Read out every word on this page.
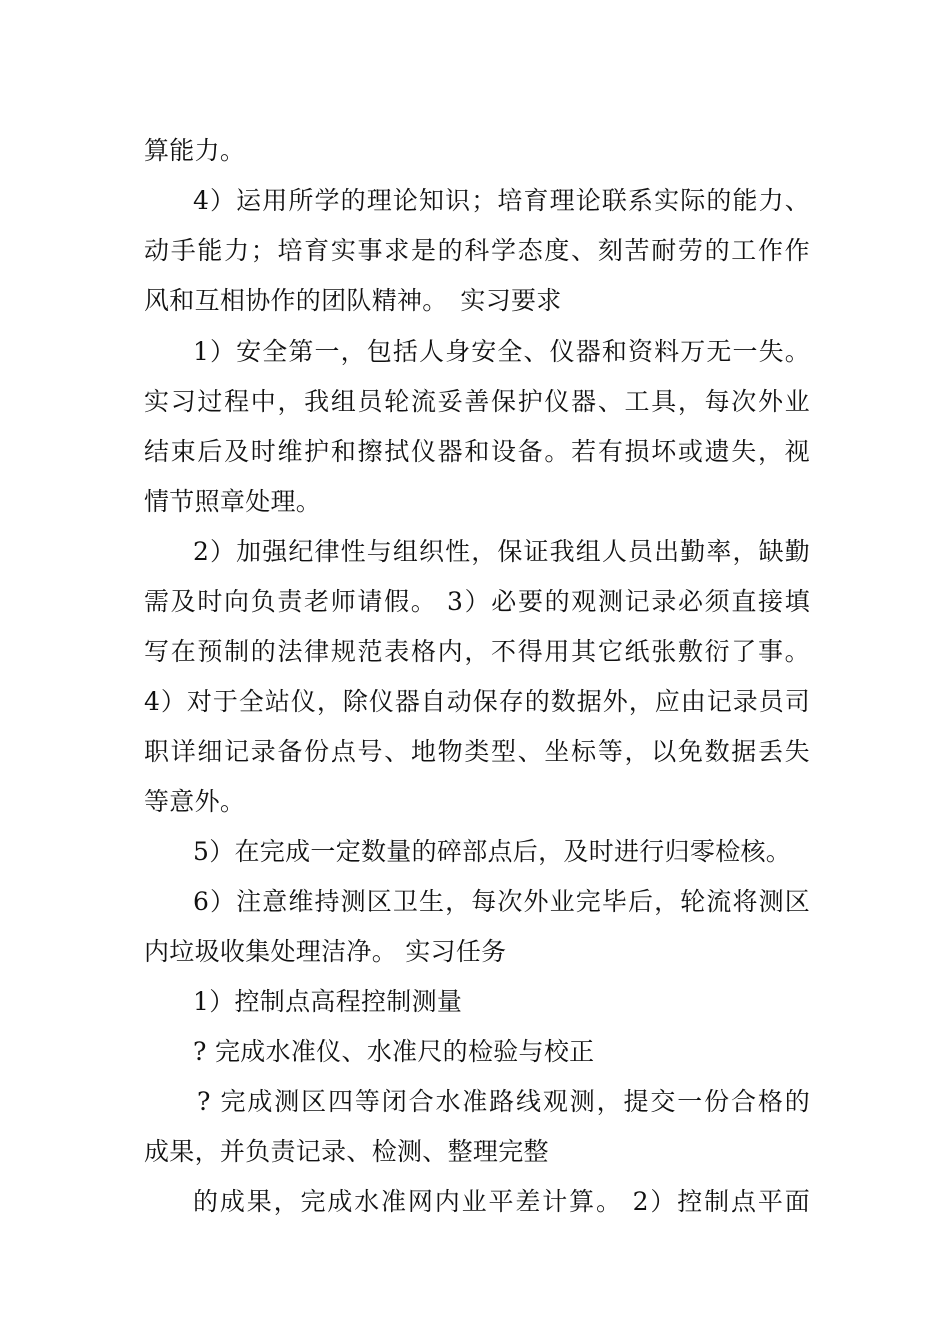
算能力。
4）运用所学的理论知识；培育理论联系实际的能力、
动手能力；培育实事求是的科学态度、刻苦耐劳的工作作
风和互相协作的团队精神。　实习要求
1）安全第一，包括人身安全、仪器和资料万无一失。
实习过程中，我组员轮流妥善保护仪器、工具，每次外业
结束后及时维护和擦拭仪器和设备。若有损坏或遗失，视
情节照章处理。
2）加强纪律性与组织性，保证我组人员出勤率，缺勤
需及时向负责老师请假。 3）必要的观测记录必须直接填
写在预制的法律规范表格内，不得用其它纸张敷衍了事。
4）对于全站仪，除仪器自动保存的数据外，应由记录员司
职详细记录备份点号、地物类型、坐标等，以免数据丢失
等意外。
5）在完成一定数量的碎部点后，及时进行归零检核。
6）注意维持测区卫生，每次外业完毕后，轮流将测区
内垃圾收集处理洁净。 实习任务
1）控制点高程控制测量
? 完成水准仪、水准尺的检验与校正
? 完成测区四等闭合水准路线观测，提交一份合格的
成果，并负责记录、检测、整理完整
的成果，完成水准网内业平差计算。 2）控制点平面
